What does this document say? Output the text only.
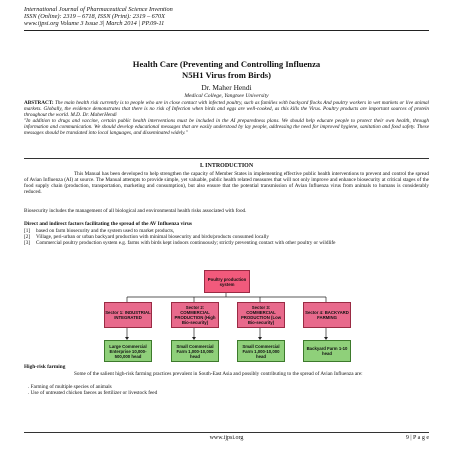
International Journal of Pharmaceutical Science Invention
ISSN (Online): 2319 – 6718, ISSN (Print): 2319 – 670X
www.ijpsi.org Volume 3 Issue 3| March 2014 | PP.09-11
Health Care (Preventing and Controlling Influenza
N5H1 Virus from Birds)
Dr. Maher Hendi
Medical College, Yangtsee University
ABSTRACT: The main health risk currently is to people who are in close contact with infected poultry, such as families with backyard flocks And poultry workers in wet markets or live animal markets. Globally, the evidence demonstrates that there is no risk of Infection when birds and eggs are well-cooked, as this kills the Virus. Poultry products are important sources of protein throughout the world. M.D. Dr. MaherHendi
"In addition to drugs and vaccine, certain public health interventions must be included in the AI preparedness plans. We should help educate people to protect their own health, through information and communication. We should develop educational messages that are easily understood by lay people, addressing the need for improved hygiene, sanitation and food safety. These messages should be translated into local languages, and disseminated widely."
I. INTRODUCTION
This Manual has been developed to help strengthen the capacity of Member States in implementing effective public health interventions to prevent and control the spread of Avian Influenza (AI) at source. The Manual attempts to provide simple, yet valuable, public health related measures that will not only improve and enhance biosecurity at critical stages of the food supply chain (production, transportation, marketing and consumption), but also ensure that the potential transmission of Avian Influenza virus from animals to humans is considerably reduced.
Biosecurity includes the management of all biological and environmental health risks associated with food.
Direct and indirect factors facilitating the spread of the AV Influenza virus
[1] based on farm biosecurity and the system used to market products,
[2] Village, peri-urban or urban backyard production with minimal biosecurity and birds/products consumed locally
[3] Commercial poultry production system e.g. farms with birds kept indoors continuously; strictly preventing contact with other poultry or wildlife
Poultry production system
Sector 1: INDUSTRIAL INTEGRATED
Sector 2: COMMERCIAL PRODUCTION (High Bio-security)
Sector 3: COMMERCIAL PRODUCTION (Low Bio-security)
Sector 4: BACKYARD FARMING
Large Commercial Enterprise 10,000-500,000 head
Small Commercial Farm 1,000-10,000 head
Small Commercial Farm 1,000-10,000 head
Backyard Farm 1-10 head
High-risk farming
Some of the salient high-risk farming practices prevalent in South-East Asia and possibly contributing to the spread of Avian Influenza are:
. Farming of multiple species of animals
. Use of untreated chicken faeces as fertilizer or livestock feed
www.ijpsi.org	9 | P a g e
